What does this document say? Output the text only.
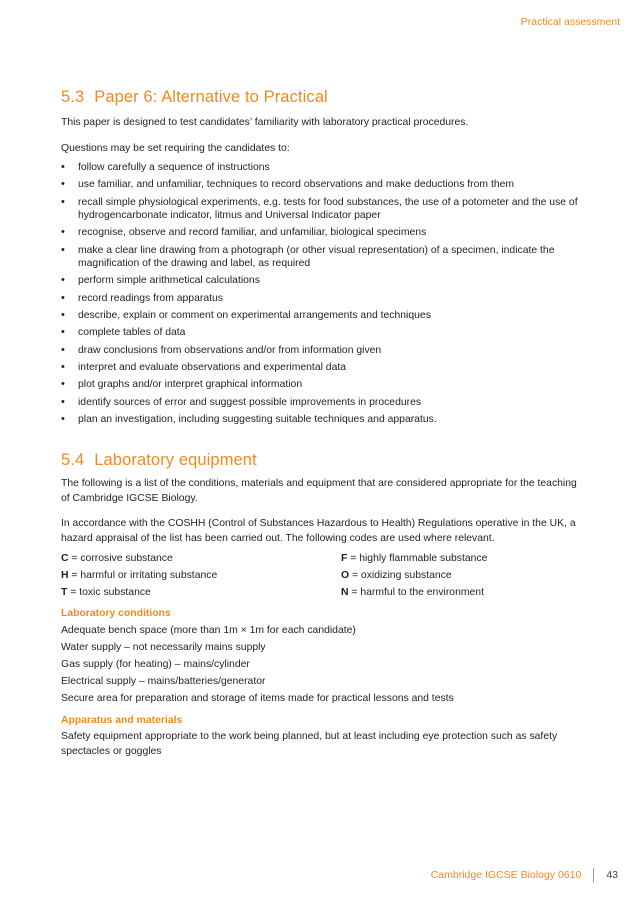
Practical assessment
5.3 Paper 6: Alternative to Practical

This paper is designed to test candidates’ familiarity with laboratory practical procedures.

Questions may be set requiring the candidates to:

• follow carefully a sequence of instructions
• use familiar, and unfamiliar, techniques to record observations and make deductions from them
• recall simple physiological experiments, e.g. tests for food substances, the use of a potometer and the use of hydrogencarbonate indicator, litmus and Universal Indicator paper
• recognise, observe and record familiar, and unfamiliar, biological specimens
• make a clear line drawing from a photograph (or other visual representation) of a specimen, indicate the magnification of the drawing and label, as required
• perform simple arithmetical calculations
• record readings from apparatus
• describe, explain or comment on experimental arrangements and techniques
• complete tables of data
• draw conclusions from observations and/or from information given
• interpret and evaluate observations and experimental data
• plot graphs and/or interpret graphical information
• identify sources of error and suggest possible improvements in procedures
• plan an investigation, including suggesting suitable techniques and apparatus.
5.4 Laboratory equipment

The following is a list of the conditions, materials and equipment that are considered appropriate for the teaching of Cambridge IGCSE Biology.

In accordance with the COSHH (Control of Substances Hazardous to Health) Regulations operative in the UK, a hazard appraisal of the list has been carried out. The following codes are used where relevant.

C = corrosive substance	F = highly flammable substance
H = harmful or irritating substance	O = oxidizing substance
T = toxic substance	N = harmful to the environment
Laboratory conditions
Adequate bench space (more than 1m × 1m for each candidate)
Water supply – not necessarily mains supply
Gas supply (for heating) – mains/cylinder
Electrical supply – mains/batteries/generator
Secure area for preparation and storage of items made for practical lessons and tests
Apparatus and materials

Safety equipment appropriate to the work being planned, but at least including eye protection such as safety spectacles or goggles

Cambridge IGCSE Biology 0610 43
